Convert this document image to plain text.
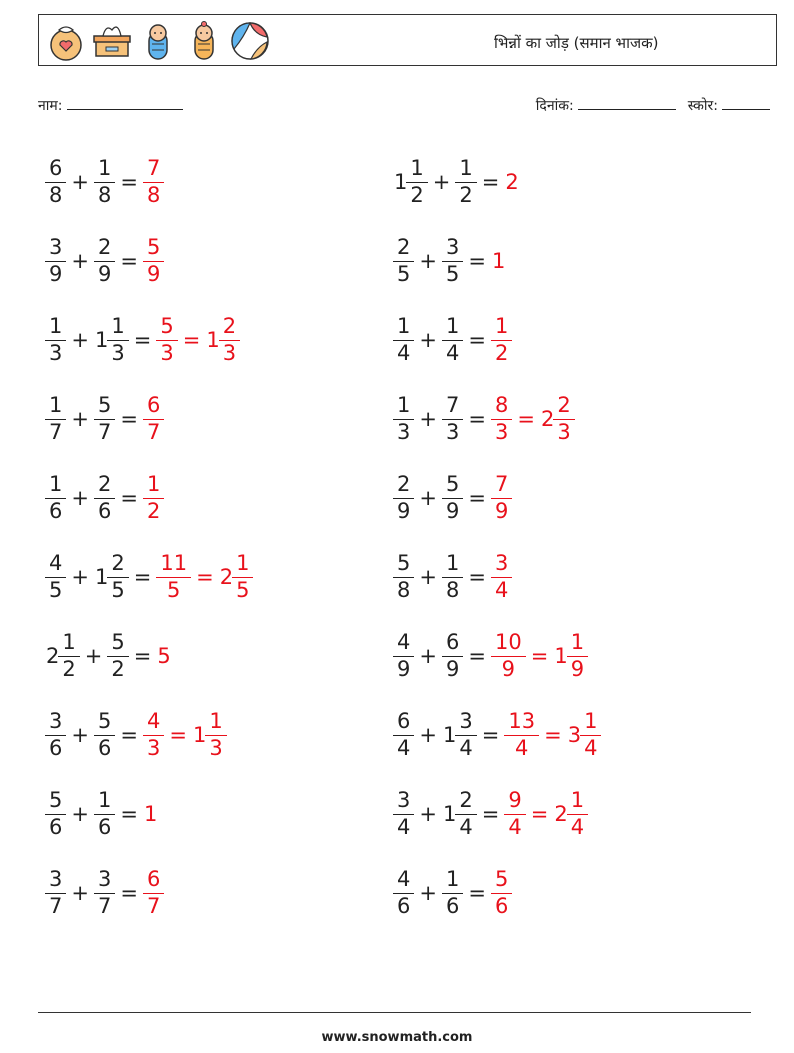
भिन्नों का जोड़ (समान भाजक)
नाम:	दिनांक:	स्कोर:
$\frac{6}{8} + \frac{1}{8} = \frac{7}{8}$
$\frac{3}{9} + \frac{2}{9} = \frac{5}{9}$
$\frac{1}{3} + 1 \frac{1}{3} = \frac{5}{3} = 1 \frac{2}{3}$
$\frac{1}{7} + \frac{5}{7} = \frac{6}{7}$
$\frac{1}{6} + \frac{2}{6} = \frac{1}{2}$
$\frac{4}{5} + 1 \frac{2}{5} = \frac{11}{5} = 2 \frac{1}{5}$
$2 \frac{1}{2} + \frac{5}{2} = 5$
$\frac{3}{6} + \frac{5}{6} = \frac{4}{3} = 1 \frac{1}{3}$
$\frac{5}{6} + \frac{1}{6} = 1$
$\frac{3}{7} + \frac{3}{7} = \frac{6}{7}$
$1 \frac{1}{2} + \frac{1}{2} = 2$
$\frac{2}{5} + \frac{3}{5} = 1$
$\frac{1}{4} + \frac{1}{4} = \frac{1}{2}$
$\frac{1}{3} + \frac{7}{3} = \frac{8}{3} = 2 \frac{2}{3}$
$\frac{2}{9} + \frac{5}{9} = \frac{7}{9}$
$\frac{5}{8} + \frac{1}{8} = \frac{3}{4}$
$\frac{4}{9} + \frac{6}{9} = \frac{10}{9} = 1 \frac{1}{9}$
$\frac{6}{4} + 1 \frac{3}{4} = \frac{13}{4} = 3 \frac{1}{4}$
$\frac{3}{4} + 1 \frac{2}{4} = \frac{9}{4} = 2 \frac{1}{4}$
$\frac{4}{6} + \frac{1}{6} = \frac{5}{6}$
www.snowmath.com
